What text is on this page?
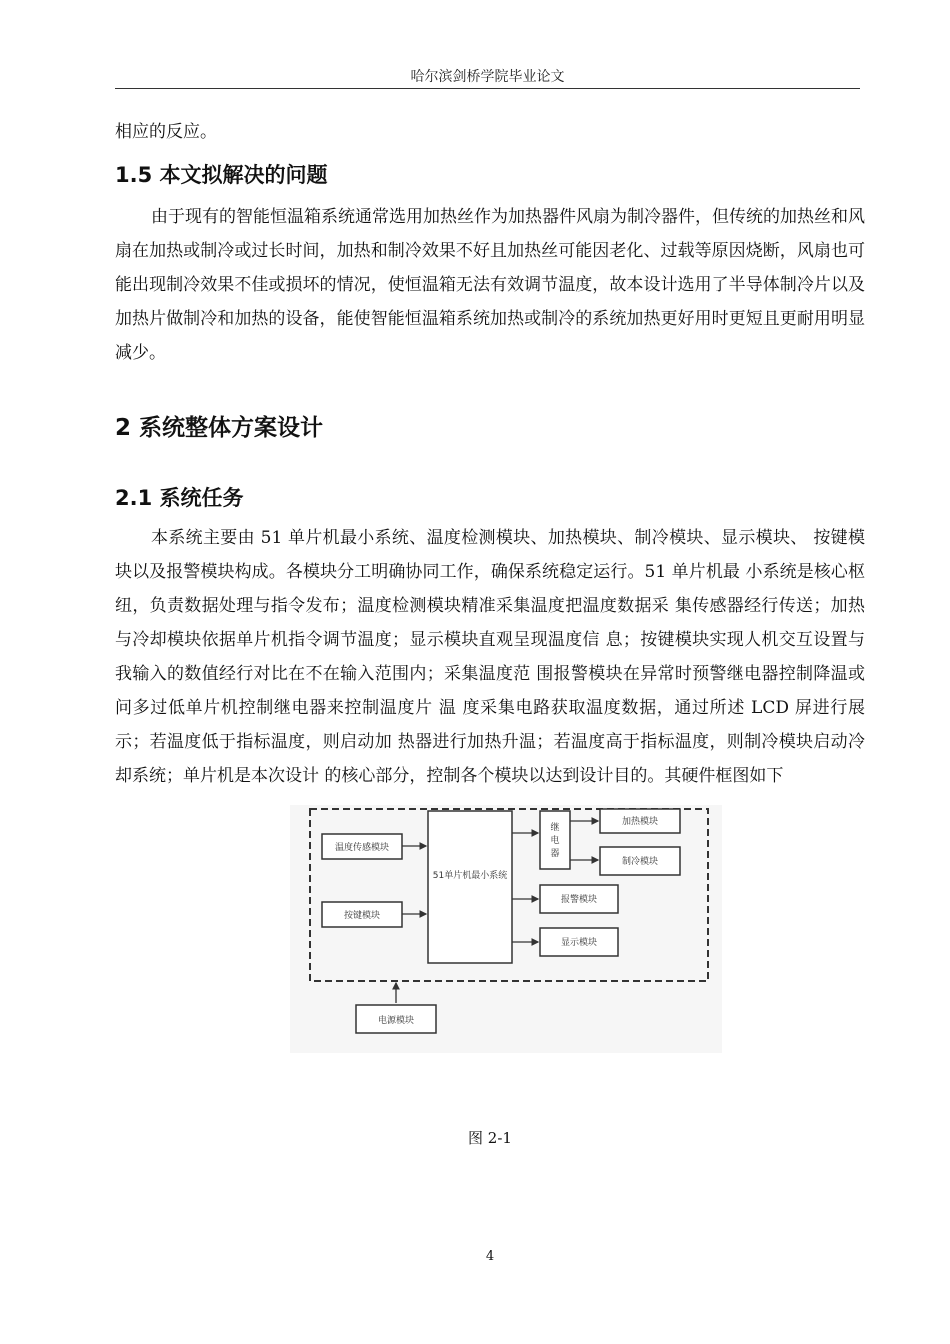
哈尔滨剑桥学院毕业论文

相应的反应。

1.5 本文拟解决的问题

由于现有的智能恒温箱系统通常选用加热丝作为加热器件风扇为制冷器件，但传统的加热丝和风扇在加热或制冷或过长时间，加热和制冷效果不好且加热丝可能因老化、过载等原因烧断，风扇也可能出现制冷效果不佳或损坏的情况，使恒温箱无法有效调节温度，故本设计选用了半导体制冷片以及加热片做制冷和加热的设备，能使智能恒温箱系统加热或制冷的系统加热更好用时更短且更耐用明显减少。

2 系统整体方案设计
2.1 系统任务

本系统主要由 51 单片机最小系统、温度检测模块、加热模块、制冷模块、显示模块、 按键模块以及报警模块构成。各模块分工明确协同工作，确保系统稳定运行。51 单片机最 小系统是核心枢纽，负责数据处理与指令发布；温度检测模块精准采集温度把温度数据采 集传感器经行传送；加热与冷却模块依据单片机指令调节温度；显示模块直观呈现温度信 息；按键模块实现人机交互设置与我输入的数值经行对比在不在输入范围内；采集温度范 围报警模块在异常时预警继电器控制降温或问多过低单片机控制继电器来控制温度片 温 度采集电路获取温度数据，通过所述 LCD 屏进行展示；若温度低于指标温度，则启动加 热器进行加热升温；若温度高于指标温度，则制冷模块启动冷却系统；单片机是本次设计 的核心部分，控制各个模块以达到设计目的。其硬件框图如下

51单片机最小系统
温度传感模块
按键模块
继
电
器
加热模块
制冷模块
报警模块
显示模块
电源模块
图 2-1
4
